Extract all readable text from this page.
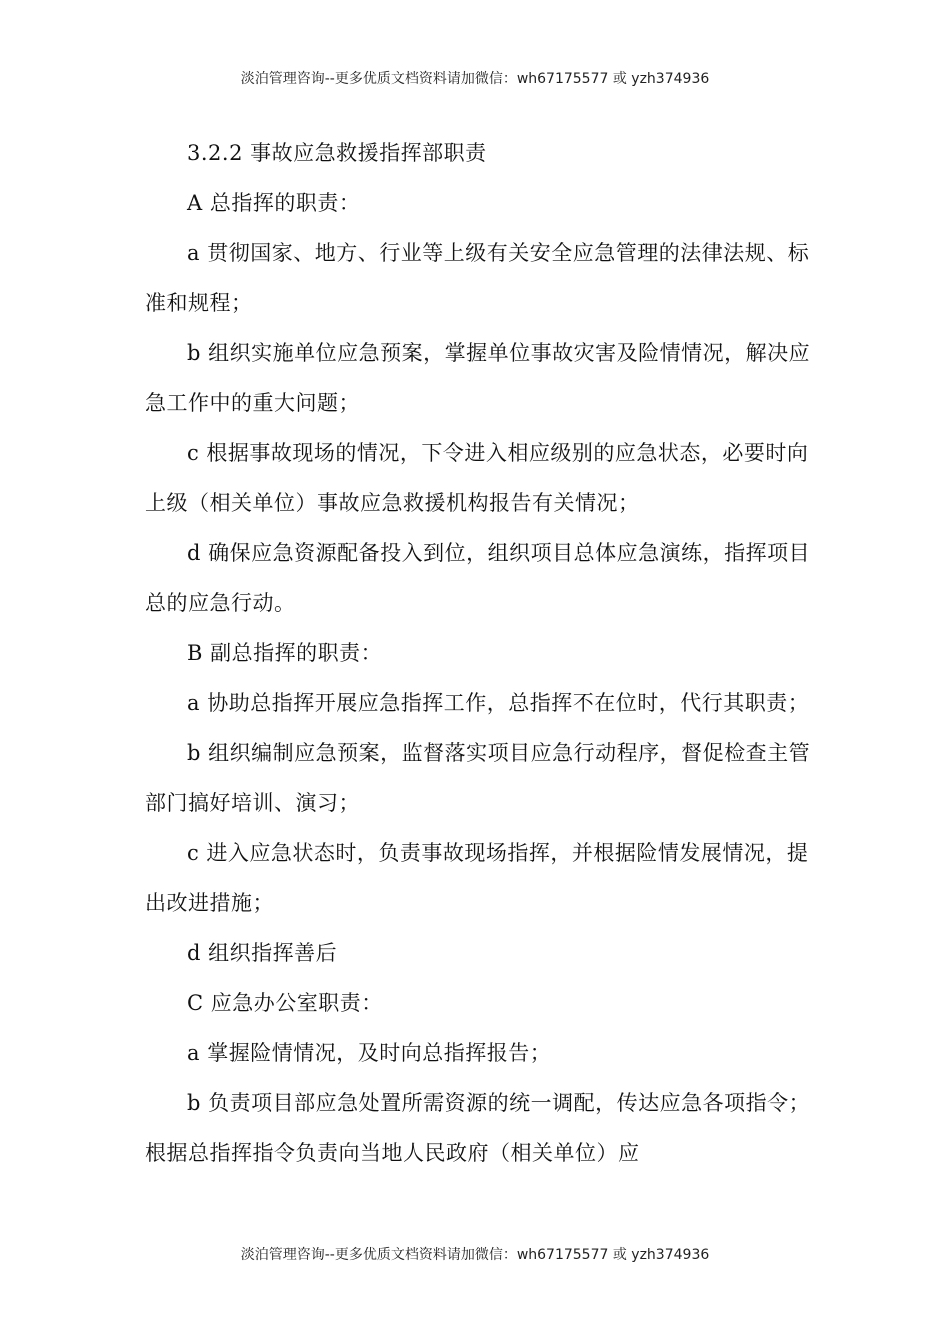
淡泊管理咨询--更多优质文档资料请加微信：wh67175577 或 yzh374936

3.2.2 事故应急救援指挥部职责

A 总指挥的职责：

a 贯彻国家、地方、行业等上级有关安全应急管理的法律法规、标准和规程；

b 组织实施单位应急预案，掌握单位事故灾害及险情情况，解决应急工作中的重大问题；

c 根据事故现场的情况，下令进入相应级别的应急状态，必要时向上级（相关单位）事故应急救援机构报告有关情况；

d 确保应急资源配备投入到位，组织项目总体应急演练，指挥项目总的应急行动。

B 副总指挥的职责：

a 协助总指挥开展应急指挥工作，总指挥不在位时，代行其职责；

b 组织编制应急预案，监督落实项目应急行动程序，督促检查主管部门搞好培训、演习；

c 进入应急状态时，负责事故现场指挥，并根据险情发展情况，提出改进措施；

d 组织指挥善后

C 应急办公室职责：

a 掌握险情情况，及时向总指挥报告；

b 负责项目部应急处置所需资源的统一调配，传达应急各项指令；根据总指挥指令负责向当地人民政府（相关单位）应

淡泊管理咨询--更多优质文档资料请加微信：wh67175577 或 yzh374936
